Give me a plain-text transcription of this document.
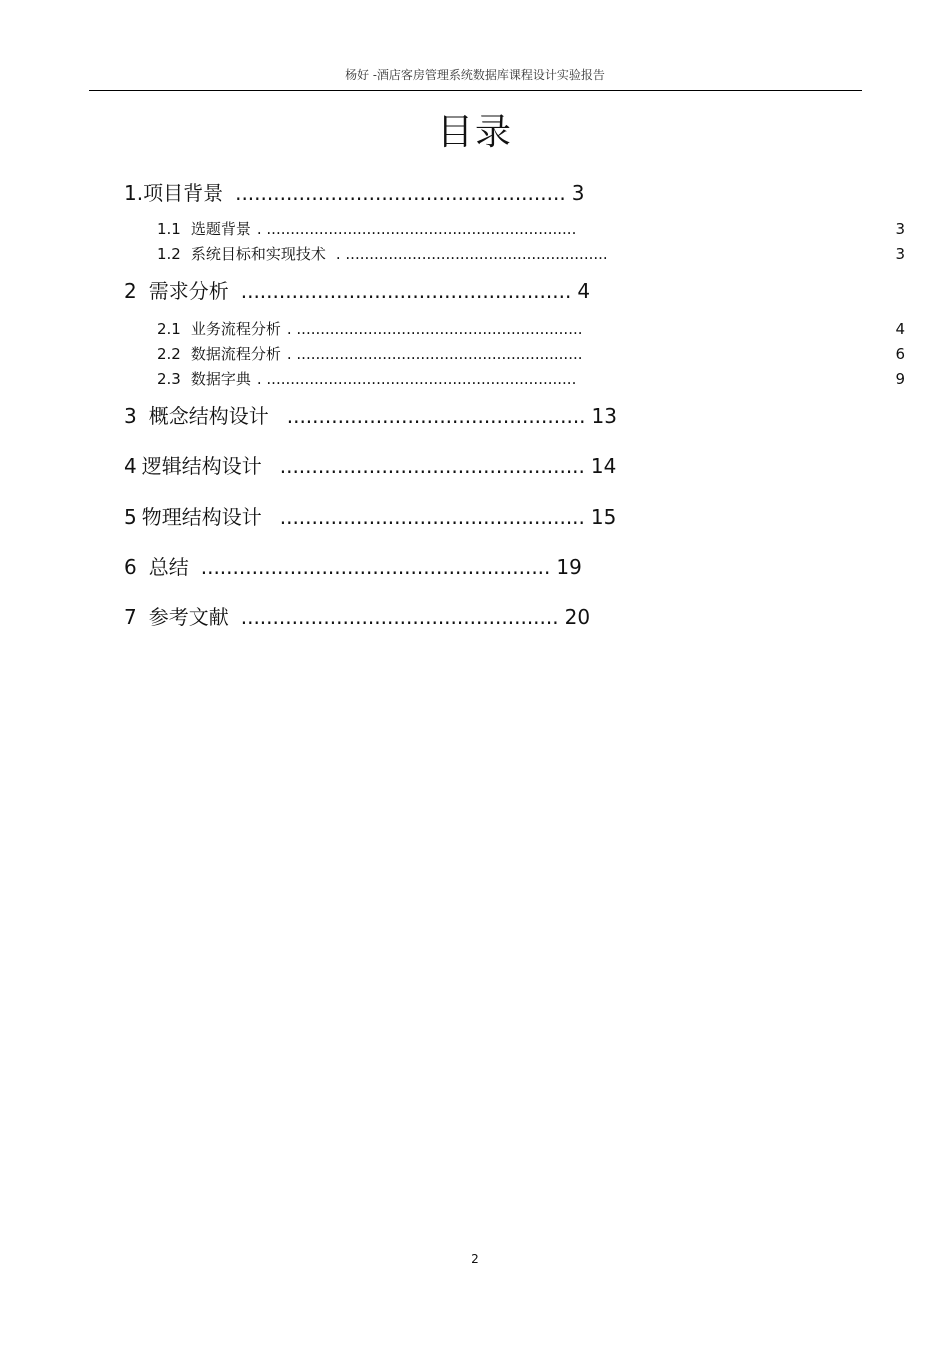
杨好 -酒店客房管理系统数据库课程设计实验报告
目录
1.项目背景 .................................................... 3
1.1 选题背景 . .................................................................	3
1.2 系统目标和实现技术 . .......................................................	3
2 需求分析 .................................................... 4
2.1 业务流程分析 . ............................................................	4
2.2 数据流程分析 . ............................................................	6
2.3 数据字典 . .................................................................	9
3 概念结构设计 ............................................... 13
4 逻辑结构设计 ................................................ 14
5 物理结构设计 ................................................ 15
6 总结 ....................................................... 19
7 参考文献 .................................................. 20
2
